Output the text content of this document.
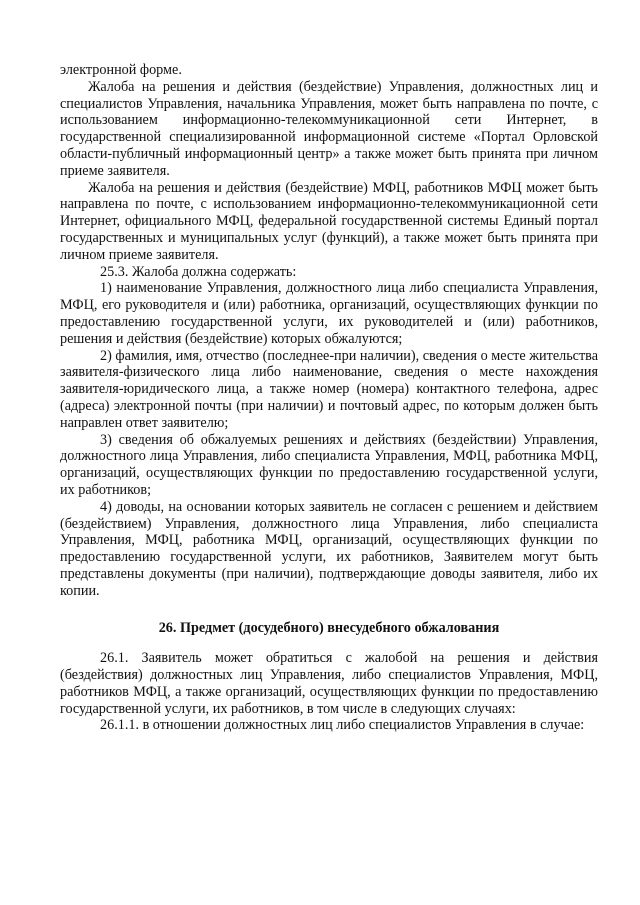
электронной форме.

Жалоба на решения и действия (бездействие) Управления, должностных лиц и специалистов Управления, начальника Управления, может быть направлена по почте, с использованием информационно-телекоммуникационной сети Интернет, в государственной специализированной информационной системе «Портал Орловской области-публичный информационный центр» а также может быть принята при личном приеме заявителя.

Жалоба на решения и действия (бездействие) МФЦ, работников МФЦ может быть направлена по почте, с использованием информационно-телекоммуникационной сети Интернет, официального МФЦ, федеральной государственной системы Единый портал государственных и муниципальных услуг (функций), а также может быть принята при личном приеме заявителя.

25.3. Жалоба должна содержать:

1) наименование Управления, должностного лица либо специалиста Управления, МФЦ, его руководителя и (или) работника, организаций, осуществляющих функции по предоставлению государственной услуги, их руководителей и (или) работников, решения и действия (бездействие) которых обжалуются;

2) фамилия, имя, отчество (последнее-при наличии), сведения о месте жительства заявителя-физического лица либо наименование, сведения о месте нахождения заявителя-юридического лица, а также номер (номера) контактного телефона, адрес (адреса) электронной почты (при наличии) и почтовый адрес, по которым должен быть направлен ответ заявителю;

3) сведения об обжалуемых решениях и действиях (бездействии) Управления, должностного лица Управления, либо специалиста Управления, МФЦ, работника МФЦ, организаций, осуществляющих функции по предоставлению государственной услуги, их работников;

4) доводы, на основании которых заявитель не согласен с решением и действием (бездействием) Управления, должностного лица Управления, либо специалиста Управления, МФЦ, работника МФЦ, организаций, осуществляющих функции по предоставлению государственной услуги, их работников, Заявителем могут быть представлены документы (при наличии), подтверждающие доводы заявителя, либо их копии.

26. Предмет (досудебного) внесудебного обжалования

26.1. Заявитель может обратиться с жалобой на решения и действия (бездействия) должностных лиц Управления, либо специалистов Управления, МФЦ, работников МФЦ, а также организаций, осуществляющих функции по предоставлению государственной услуги, их работников, в том числе в следующих случаях:

26.1.1. в отношении должностных лиц либо специалистов Управления в случае:
